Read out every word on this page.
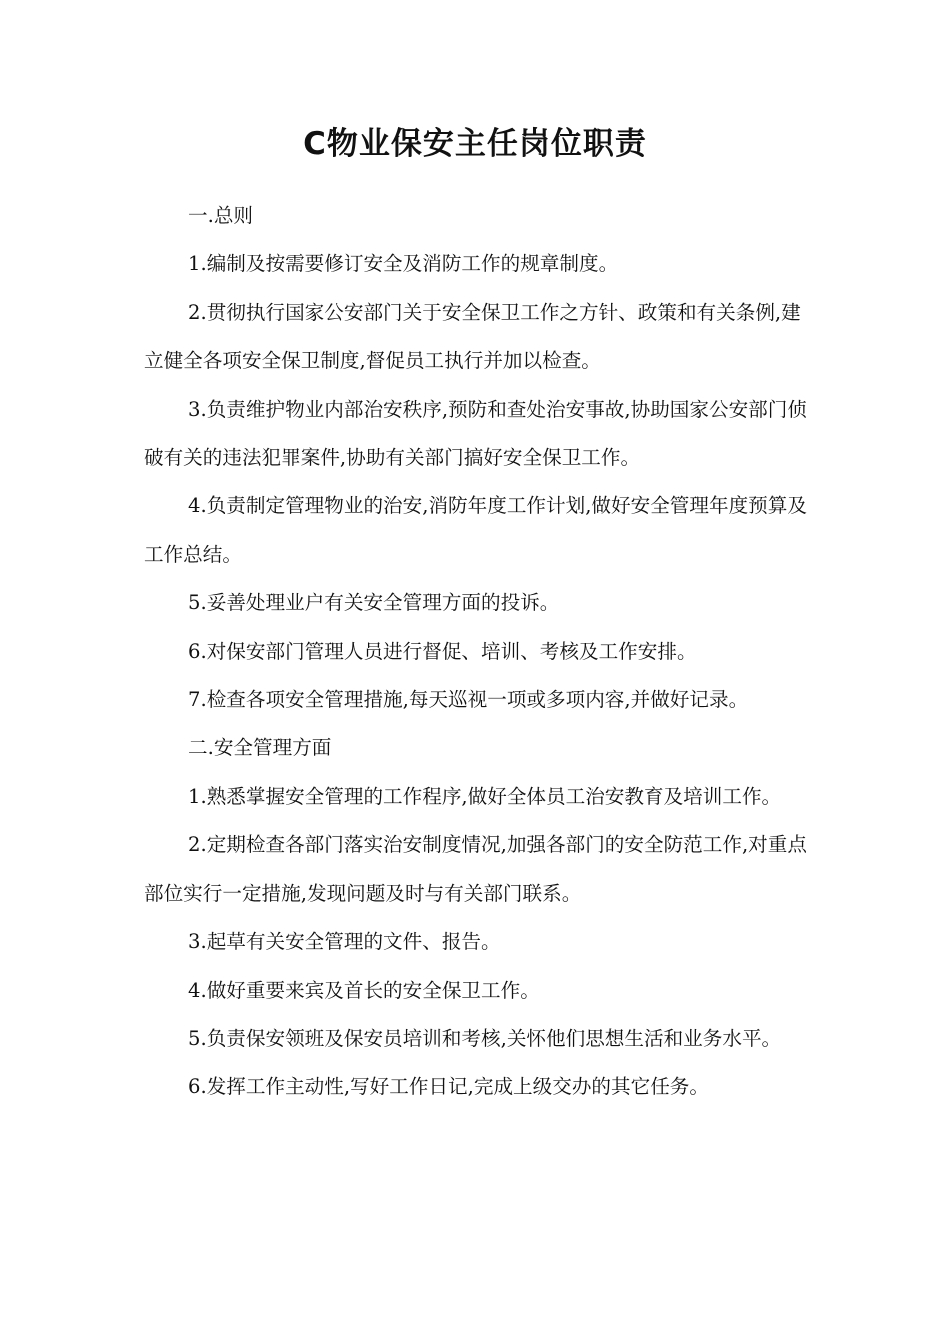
C物业保安主任岗位职责

一.总则

1.编制及按需要修订安全及消防工作的规章制度。

2.贯彻执行国家公安部门关于安全保卫工作之方针、政策和有关条例,建立健全各项安全保卫制度,督促员工执行并加以检查。

3.负责维护物业内部治安秩序,预防和查处治安事故,协助国家公安部门侦破有关的违法犯罪案件,协助有关部门搞好安全保卫工作。

4.负责制定管理物业的治安,消防年度工作计划,做好安全管理年度预算及工作总结。

5.妥善处理业户有关安全管理方面的投诉。

6.对保安部门管理人员进行督促、培训、考核及工作安排。

7.检查各项安全管理措施,每天巡视一项或多项内容,并做好记录。

二.安全管理方面

1.熟悉掌握安全管理的工作程序,做好全体员工治安教育及培训工作。

2.定期检查各部门落实治安制度情况,加强各部门的安全防范工作,对重点部位实行一定措施,发现问题及时与有关部门联系。

3.起草有关安全管理的文件、报告。

4.做好重要来宾及首长的安全保卫工作。

5.负责保安领班及保安员培训和考核,关怀他们思想生活和业务水平。

6.发挥工作主动性,写好工作日记,完成上级交办的其它任务。
